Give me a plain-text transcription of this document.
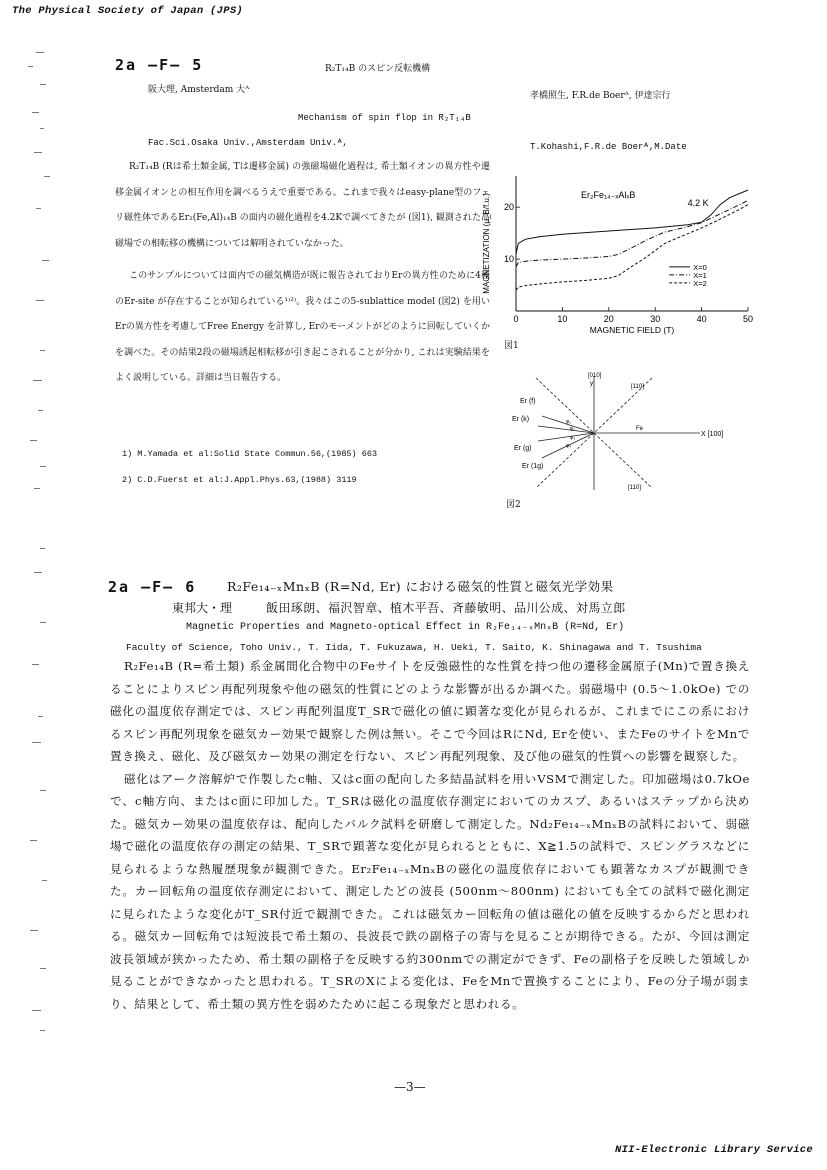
The Physical Society of Japan (JPS)
NII-Electronic Library Service
—3—
2a —F— 5	R₂T₁₄B のスピン反転機構
阪大理, Amsterdam 大ᴬ
孝橋照生, F.R.de Boerᴬ, 伊達宗行
Mechanism of spin flop in R₂T₁₄B
Fac.Sci.Osaka Univ.,Amsterdam Univ.ᴬ,	T.Kohashi,F.R.de Boerᴬ,M.Date

R₂T₁₄B (Rは希土類金属, Tは遷移金属) の強磁場磁化過程は, 希土類イオンの異方性や遷移金属イオンとの相互作用を調べるうえで重要である。これまで我々はeasy-plane型のフェリ磁性体であるEr₂(Fe,Al)₁₄B の面内の磁化過程を4.2Kで調べてきたが (図1), 観測された高磁場での相転移の機構については解明されていなかった。

このサンプルについては面内での磁気構造が既に報告されておりErの異方性のために4種のEr-site が存在することが知られている¹⁾²⁾。我々はこの5-sublattice model (図2) を用いErの異方性を考慮してFree Energy を計算し, Erのモーメントがどのように回転していくかを調べた。その結果2段の磁場誘起相転移が引き起こされることが分かり, これは実験結果をよく説明している。詳細は当日報告する。

1) M.Yamada et al:Solid State Commun.56,(1985) 663
2) C.D.Fuerst et al:J.Appl.Phys.63,(1988) 3119
0	10	20	30	40	50
10
20
MAGNETIC FIELD (T)
MAGNETIZATION (μ_B/f.u.)	Er₂Fe₁₄₋ₓAlₓB
4.2 K
X=0
X=1
X=2
図1
[010]
y	[110]
[110]
X [100]
Fe
Er (f)
Er (k)
Er (g)
Er (1g)
φ₁
φ₂
φ₃
φ₄
図2
2a —F— 6 R₂Fe₁₄₋ₓMnₓB (R=Nd, Er) における磁気的性質と磁気光学効果
東邦大・理	飯田琢朗、福沢智章、植木平吾、斉藤敏明、品川公成、対馬立郎
Magnetic Properties and Magneto-optical Effect in R₂Fe₁₄₋ₓMnₓB (R=Nd, Er)
Faculty of Science, Toho Univ., T. Iida, T. Fukuzawa, H. Ueki, T. Saito, K. Shinagawa and T. Tsushima

R₂Fe₁₄B (R=希土類) 系金属間化合物中のFeサイトを反強磁性的な性質を持つ他の遷移金属原子(Mn)で置き換えることによりスピン再配列現象や他の磁気的性質にどのような影響が出るか調べた。弱磁場中 (0.5～1.0kOe) での磁化の温度依存測定では、スピン再配列温度T_SRで磁化の値に顕著な変化が見られるが、これまでにこの系におけるスピン再配列現象を磁気カー効果で観察した例は無い。そこで今回はRにNd, Erを使い、またFeのサイトをMnで置き換え、磁化、及び磁気カー効果の測定を行ない、スピン再配列現象、及び他の磁気的性質への影響を観察した。

磁化はアーク溶解炉で作製したc軸、又はc面の配向した多結晶試料を用いVSMで測定した。印加磁場は0.7kOeで、c軸方向、またはc面に印加した。T_SRは磁化の温度依存測定においてのカスプ、あるいはステップから決めた。磁気カー効果の温度依存は、配向したバルク試料を研磨して測定した。Nd₂Fe₁₄₋ₓMnₓBの試料において、弱磁場で磁化の温度依存の測定の結果、T_SRで顕著な変化が見られるとともに、X≧1.5の試料で、スピングラスなどに見られるような熱履歴現象が観測できた。Er₂Fe₁₄₋ₓMnₓBの磁化の温度依存においても顕著なカスプが観測できた。カー回転角の温度依存測定において、測定したどの波長 (500nm～800nm) においても全ての試料で磁化測定に見られたような変化がT_SR付近で観測できた。これは磁気カー回転角の値は磁化の値を反映するからだと思われる。磁気カー回転角では短波長で希土類の、長波長で鉄の副格子の寄与を見ることが期待できる。たが、今回は測定波長領域が狭かったため、希土類の副格子を反映する約300nmでの測定ができず、Feの副格子を反映した領域しか見ることができなかったと思われる。T_SRのXによる変化は、FeをMnで置換することにより、Feの分子場が弱まり、結果として、希土類の異方性を弱めたために起こる現象だと思われる。
